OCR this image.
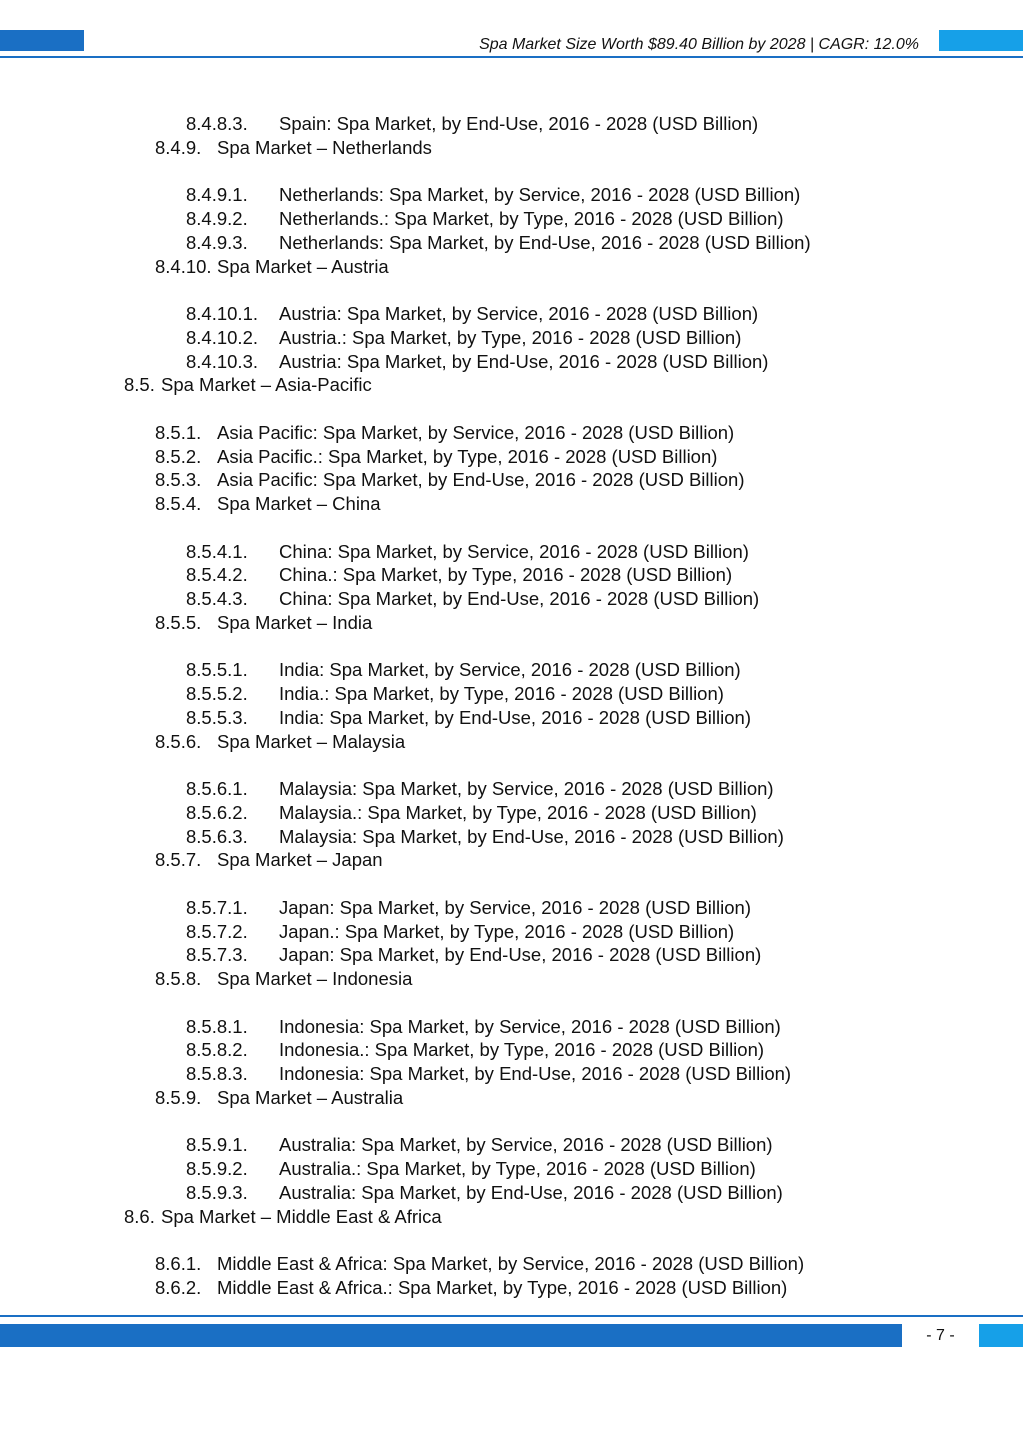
Spa Market Size Worth $89.40 Billion by 2028 | CAGR: 12.0%
8.4.8.3. Spain: Spa Market, by End-Use, 2016 - 2028 (USD Billion)
8.4.9. Spa Market – Netherlands
8.4.9.1. Netherlands: Spa Market, by Service, 2016 - 2028 (USD Billion)
8.4.9.2. Netherlands.: Spa Market, by Type, 2016 - 2028 (USD Billion)
8.4.9.3. Netherlands: Spa Market, by End-Use, 2016 - 2028 (USD Billion)
8.4.10. Spa Market – Austria
8.4.10.1. Austria: Spa Market, by Service, 2016 - 2028 (USD Billion)
8.4.10.2. Austria.: Spa Market, by Type, 2016 - 2028 (USD Billion)
8.4.10.3. Austria: Spa Market, by End-Use, 2016 - 2028 (USD Billion)
8.5. Spa Market – Asia-Pacific
8.5.1. Asia Pacific: Spa Market, by Service, 2016 - 2028 (USD Billion)
8.5.2. Asia Pacific.: Spa Market, by Type, 2016 - 2028 (USD Billion)
8.5.3. Asia Pacific: Spa Market, by End-Use, 2016 - 2028 (USD Billion)
8.5.4. Spa Market – China
8.5.4.1. China: Spa Market, by Service, 2016 - 2028 (USD Billion)
8.5.4.2. China.: Spa Market, by Type, 2016 - 2028 (USD Billion)
8.5.4.3. China: Spa Market, by End-Use, 2016 - 2028 (USD Billion)
8.5.5. Spa Market – India
8.5.5.1. India: Spa Market, by Service, 2016 - 2028 (USD Billion)
8.5.5.2. India.: Spa Market, by Type, 2016 - 2028 (USD Billion)
8.5.5.3. India: Spa Market, by End-Use, 2016 - 2028 (USD Billion)
8.5.6. Spa Market – Malaysia
8.5.6.1. Malaysia: Spa Market, by Service, 2016 - 2028 (USD Billion)
8.5.6.2. Malaysia.: Spa Market, by Type, 2016 - 2028 (USD Billion)
8.5.6.3. Malaysia: Spa Market, by End-Use, 2016 - 2028 (USD Billion)
8.5.7. Spa Market – Japan
8.5.7.1. Japan: Spa Market, by Service, 2016 - 2028 (USD Billion)
8.5.7.2. Japan.: Spa Market, by Type, 2016 - 2028 (USD Billion)
8.5.7.3. Japan: Spa Market, by End-Use, 2016 - 2028 (USD Billion)
8.5.8. Spa Market – Indonesia
8.5.8.1. Indonesia: Spa Market, by Service, 2016 - 2028 (USD Billion)
8.5.8.2. Indonesia.: Spa Market, by Type, 2016 - 2028 (USD Billion)
8.5.8.3. Indonesia: Spa Market, by End-Use, 2016 - 2028 (USD Billion)
8.5.9. Spa Market – Australia
8.5.9.1. Australia: Spa Market, by Service, 2016 - 2028 (USD Billion)
8.5.9.2. Australia.: Spa Market, by Type, 2016 - 2028 (USD Billion)
8.5.9.3. Australia: Spa Market, by End-Use, 2016 - 2028 (USD Billion)
8.6. Spa Market – Middle East & Africa
8.6.1. Middle East & Africa: Spa Market, by Service, 2016 - 2028 (USD Billion)
8.6.2. Middle East & Africa.: Spa Market, by Type, 2016 - 2028 (USD Billion)
- 7 -
